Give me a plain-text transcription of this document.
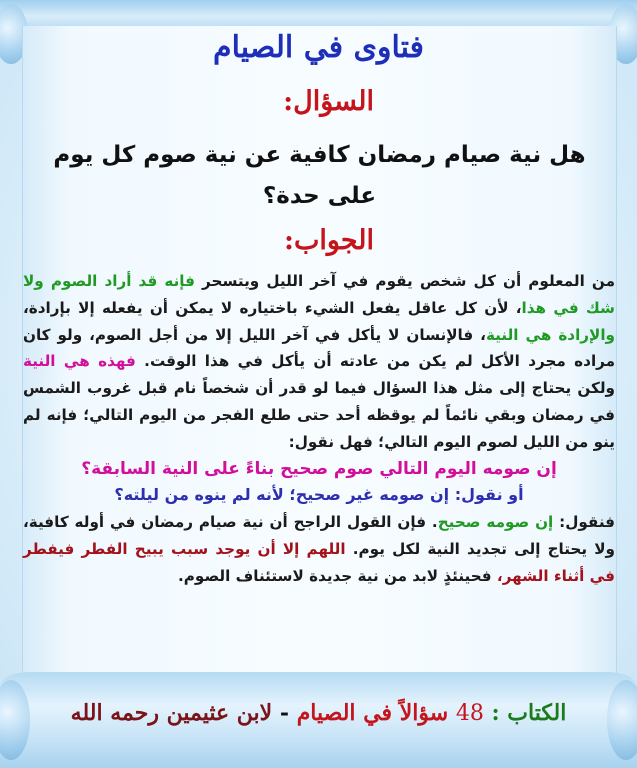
فتاوى في الصيام
السؤال:

هل نية صيام رمضان كافية عن نية صوم كل يوم على حدة؟

الجواب:

من المعلوم أن كل شخص يقوم في آخر الليل ويتسحر فإنه قد أراد الصوم ولا شك في هذا، لأن كل عاقل يفعل الشيء باختياره لا يمكن أن يفعله إلا بإرادة، والإرادة هي النية، فالإنسان لا يأكل في آخر الليل إلا من أجل الصوم، ولو كان مراده مجرد الأكل لم يكن من عادته أن يأكل في هذا الوقت. فهذه هي النية ولكن يحتاج إلى مثل هذا السؤال فيما لو قدر أن شخصاً نام قبل غروب الشمس في رمضان وبقي نائماً لم يوقظه أحد حتى طلع الفجر من اليوم التالي؛ فإنه لم ينو من الليل لصوم اليوم التالي؛ فهل نقول:

إن صومه اليوم التالي صوم صحيح بناءً على النية السابقة؟
أو نقول: إن صومه غير صحيح؛ لأنه لم ينوه من ليلته؟

فنقول: إن صومه صحيح. فإن القول الراجح أن نية صيام رمضان في أوله كافية، ولا يحتاج إلى تجديد النية لكل يوم. اللهم إلا أن يوجد سبب يبيح الفطر فيفطر في أثناء الشهر، فحينئذٍ لابد من نية جديدة لاستئناف الصوم.

الكتاب : 48 سؤالاً في الصيام - لابن عثيمين رحمه الله
